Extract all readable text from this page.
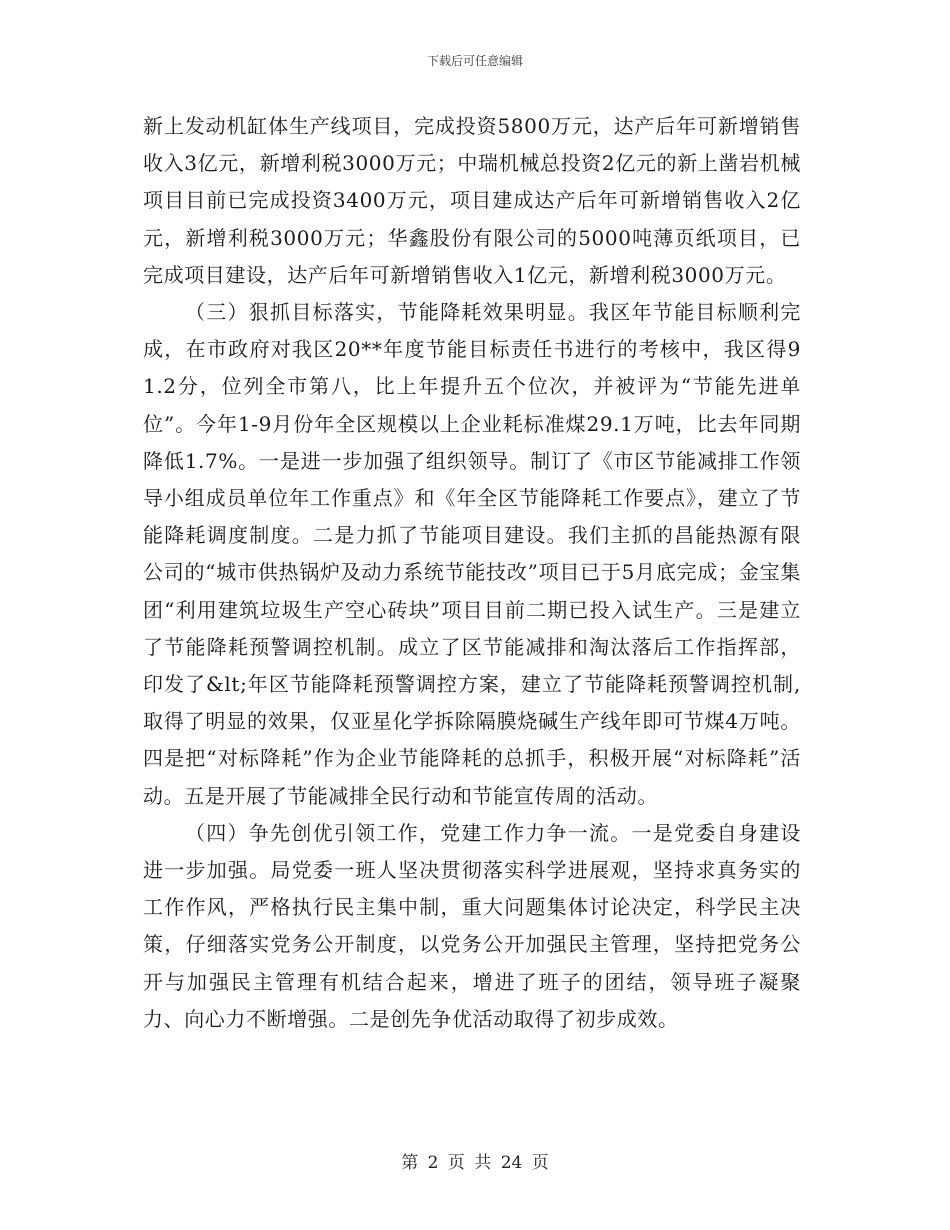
下载后可任意编辑

新上发动机缸体生产线项目，完成投资5800万元，达产后年可新增销售收入3亿元，新增利税3000万元；中瑞机械总投资2亿元的新上凿岩机械项目目前已完成投资3400万元，项目建成达产后年可新增销售收入2亿元，新增利税3000万元；华鑫股份有限公司的5000吨薄页纸项目，已完成项目建设，达产后年可新增销售收入1亿元，新增利税3000万元。

（三）狠抓目标落实，节能降耗效果明显。我区年节能目标顺利完成，在市政府对我区20**年度节能目标责任书进行的考核中，我区得91.2分，位列全市第八，比上年提升五个位次，并被评为“节能先进单位”。今年1-9月份年全区规模以上企业耗标准煤29.1万吨，比去年同期降低1.7%。一是进一步加强了组织领导。制订了《市区节能减排工作领导小组成员单位年工作重点》和《年全区节能降耗工作要点》，建立了节能降耗调度制度。二是力抓了节能项目建设。我们主抓的昌能热源有限公司的“城市供热锅炉及动力系统节能技改”项目已于5月底完成；金宝集团“利用建筑垃圾生产空心砖块”项目目前二期已投入试生产。三是建立了节能降耗预警调控机制。成立了区节能减排和淘汰落后工作指挥部，印发了&lt;年区节能降耗预警调控方案，建立了节能降耗预警调控机制,取得了明显的效果，仅亚星化学拆除隔膜烧碱生产线年即可节煤4万吨。四是把“对标降耗”作为企业节能降耗的总抓手，积极开展“对标降耗”活动。五是开展了节能减排全民行动和节能宣传周的活动。

（四）争先创优引领工作，党建工作力争一流。一是党委自身建设进一步加强。局党委一班人坚决贯彻落实科学进展观，坚持求真务实的工作作风，严格执行民主集中制，重大问题集体讨论决定，科学民主决策，仔细落实党务公开制度，以党务公开加强民主管理，坚持把党务公开与加强民主管理有机结合起来，增进了班子的团结，领导班子凝聚力、向心力不断增强。二是创先争优活动取得了初步成效。

第 2 页 共 24 页
